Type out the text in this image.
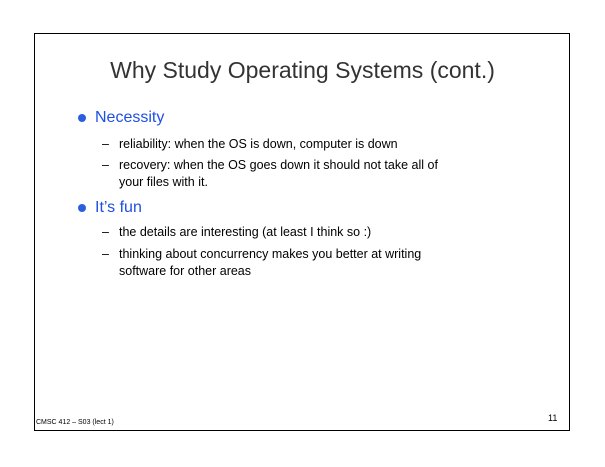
Why Study Operating Systems (cont.)
Necessity
– reliability: when the OS is down, computer is down
– recovery: when the OS goes down it should not take all of
your files with it.
It’s fun
– the details are interesting (at least I think so :)
– thinking about concurrency makes you better at writing
software for other areas
CMSC 412 – S03 (lect 1)	11
